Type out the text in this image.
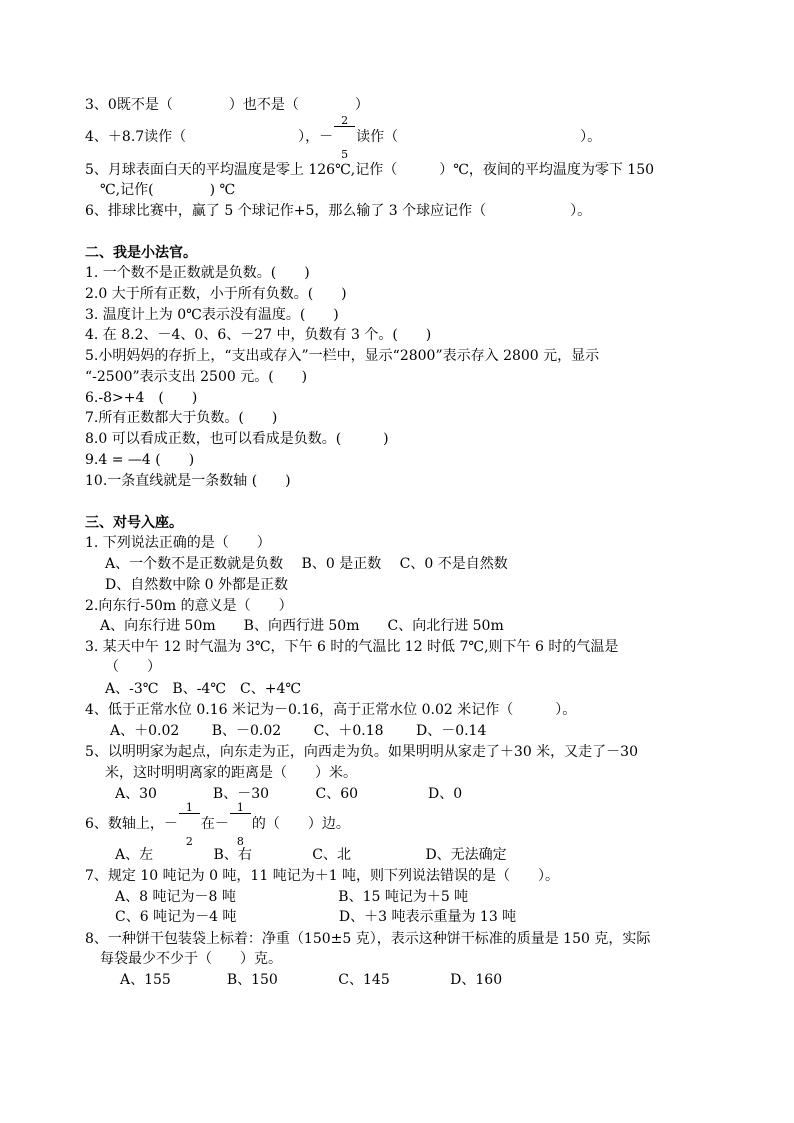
3、0既不是（　　　　）也不是（　　　　）
4、＋8.7读作（　　　　　　　　），－

$\frac{2}{5}$

读作（　　　　　　　　　　　　　）。
5、月球表面白天的平均温度是零上 126℃,记作（　　　）℃，夜间的平均温度为零下 150
℃,记作(　　　　) ℃
6、排球比赛中，赢了 5 个球记作+5，那么输了 3 个球应记作（　　　　　　）。
二、我是小法官。
1. 一个数不是正数就是负数。(　　)
2.0 大于所有正数，小于所有负数。(　　)
3. 温度计上为 0℃表示没有温度。(　　)
4. 在 8.2、－4、0、6、－27 中，负数有 3 个。(　　)
5.小明妈妈的存折上，“支出或存入”一栏中，显示“2800”表示存入 2800 元，显示
“-2500”表示支出 2500 元。(　　)
6.-8>+4　(　　)
7.所有正数都大于负数。(　　)
8.0 可以看成正数，也可以看成是负数。(　　　)
9.4 = —4 (　　)
10.一条直线就是一条数轴 (　　)
三、对号入座。
1. 下列说法正确的是（　　）
A、一个数不是正数就是负数　 B、0 是正数　 C、0 不是自然数
D、自然数中除 0 外都是正数
2.向东行-50m 的意义是（　　）
A、向东行进 50m　　B、向西行进 50m　　C、向北行进 50m
3. 某天中午 12 时气温为 3℃，下午 6 时的气温比 12 时低 7℃,则下午 6 时的气温是
（　　）
A、-3℃　B、-4℃　C、+4℃
4、低于正常水位 0.16 米记为－0.16，高于正常水位 0.02 米记作（　　　）。
A、＋0.02　　 B、－0.02　　 C、＋0.18　　 D、－0.14
5、以明明家为起点，向东走为正，向西走为负。如果明明从家走了＋30 米，又走了－30
米，这时明明离家的距离是（　　）米。
A、30　　　　B、－30　　　 C、60　　　　　D、0
6、数轴上，－

$\frac{1}{2}$

在－

$\frac{1}{8}$

的（　　）边。
A、左　　　　 B、右　　　　 C、北　　　　　 D、无法确定
7、规定 10 吨记为 0 吨，11 吨记为＋1 吨，则下列说法错误的是（　　）。
A、8 吨记为－8 吨　　　　　　　 B、15 吨记为＋5 吨
C、6 吨记为－4 吨　　　　　　　 D、＋3 吨表示重量为 13 吨
8、一种饼干包装袋上标着：净重（150±5 克），表示这种饼干标准的质量是 150 克，实际
每袋最少不少于（　　）克。
A、155　　　　B、150　　　　 C、145　　　　 D、160
